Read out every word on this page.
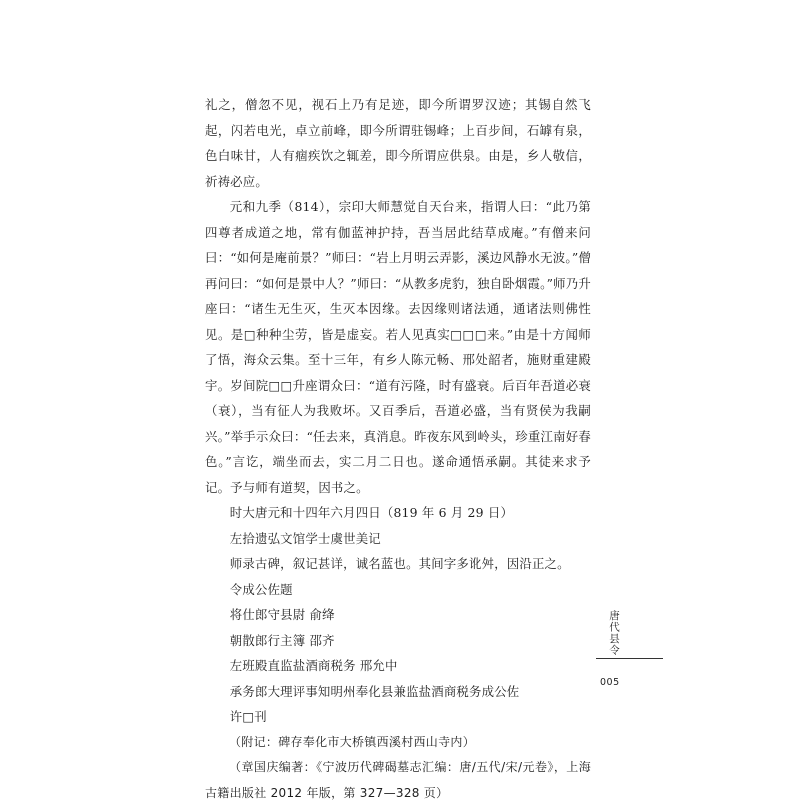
礼之，僧忽不见，视石上乃有足迹，即今所谓罗汉迹；其锡自然飞起，闪若电光，卓立前峰，即今所谓驻锡峰；上百步间，石罅有泉，色白味甘，人有痼疾饮之辄差，即今所谓应供泉。由是，乡人敬信，祈祷必应。

元和九季（814），宗印大师慧觉自天台来，指谓人曰：“此乃第四尊者成道之地，常有伽蓝神护持，吾当居此结草成庵。”有僧来问曰：“如何是庵前景？”师曰：“岩上月明云弄影，溪边风静水无波。”僧再问曰：“如何是景中人？”师曰：“从教多虎豹，独自卧烟霞。”师乃升座曰：“诸生无生灭，生灭本因缘。去因缘则诸法通，通诸法则佛性见。是□种种尘劳，皆是虚妄。若人见真实□□□来。”由是十方闻师了悟，海众云集。至十三年，有乡人陈元畅、邢处韶者，施财重建殿宇。岁间院□□升座谓众曰：“道有污隆，时有盛衰。后百年吾道必衰（衰），当有征人为我败坏。又百季后，吾道必盛，当有贤侯为我嗣兴。”举手示众曰：“任去来，真消息。昨夜东风到岭头，珍重江南好春色。”言讫，端坐而去，实二月二日也。遂命通悟承嗣。其徒来求予记。予与师有道契，因书之。

时大唐元和十四年六月四日（819 年 6 月 29 日）
左拾遗弘文馆学士虞世美记
师录古碑，叙记甚详，诚名蓝也。其间字多讹舛，因沿正之。
令成公佐题
将仕郎守县尉 俞绛
朝散郎行主簿 邵齐
左班殿直监盐酒商税务 邢允中
承务郎大理评事知明州奉化县兼监盐酒商税务成公佐
许□刊
（附记：碑存奉化市大桥镇西溪村西山寺内）

（章国庆编著：《宁波历代碑碣墓志汇编：唐/五代/宋/元卷》，上海古籍出版社 2012 年版，第 327—328 页）

唐代县令
005
